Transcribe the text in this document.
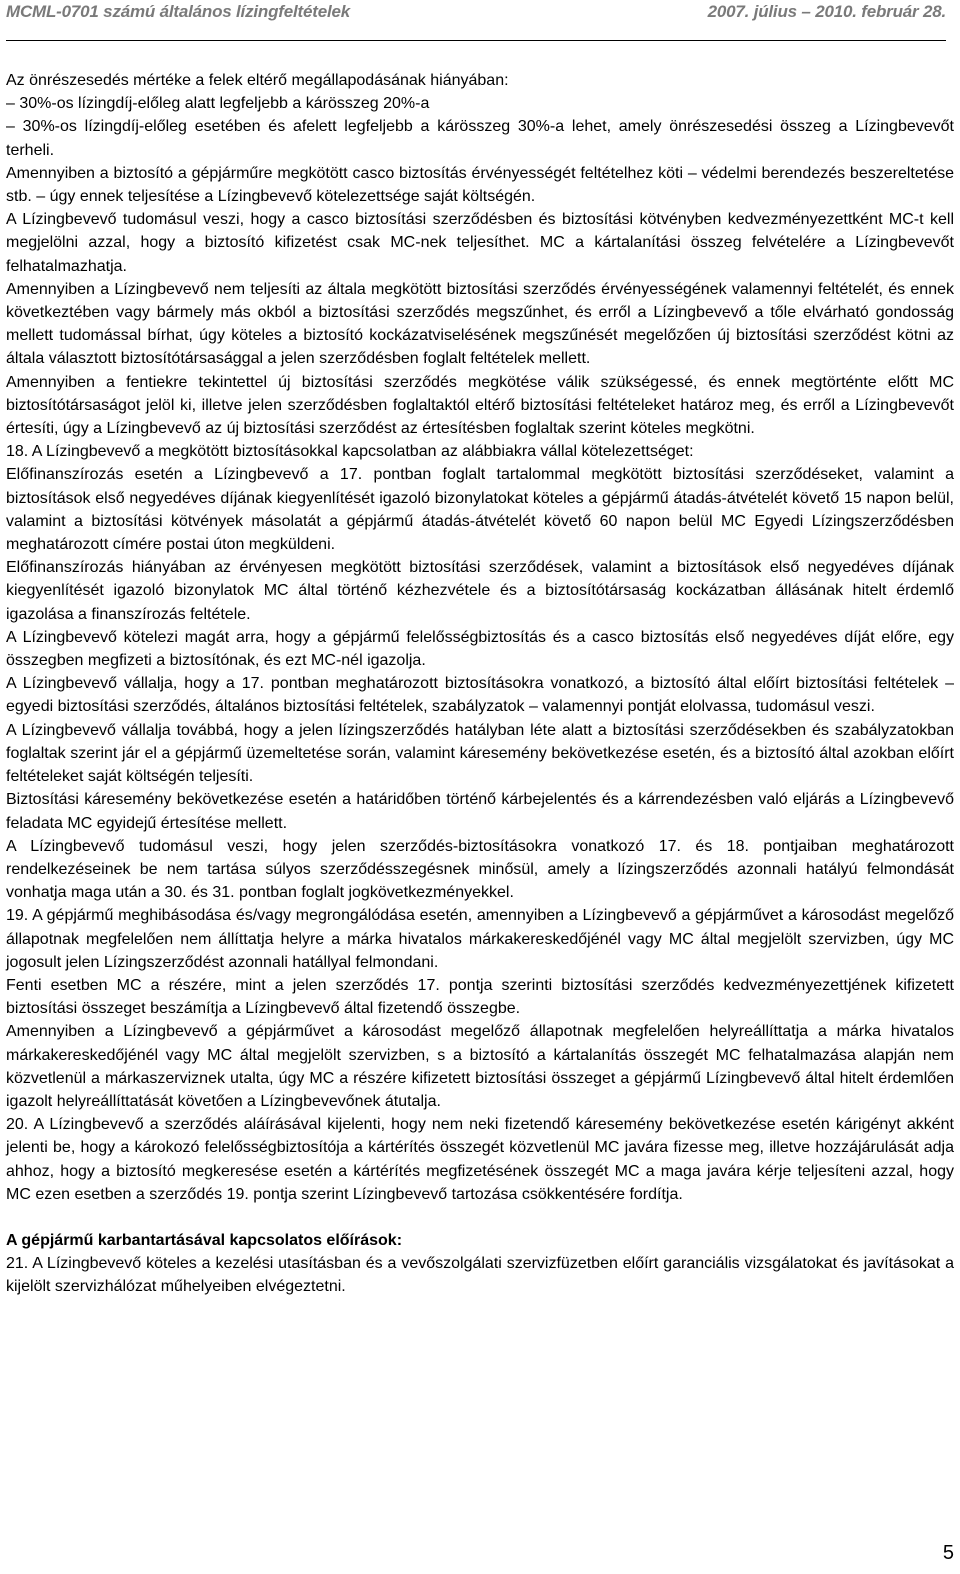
MCML-0701 számú általános lízingfeltételek	2007. július – 2010. február 28.

Az önrészesedés mértéke a felek eltérő megállapodásának hiányában:

– 30%-os lízingdíj-előleg alatt legfeljebb a kárösszeg 20%-a

– 30%-os lízingdíj-előleg esetében és afelett legfeljebb a kárösszeg 30%-a lehet, amely önrészesedési összeg a Lízingbevevőt terheli.

Amennyiben a biztosító a gépjárműre megkötött casco biztosítás érvényességét feltételhez köti – védelmi berendezés beszereltetése stb. – úgy ennek teljesítése a Lízingbevevő kötelezettsége saját költségén.

A Lízingbevevő tudomásul veszi, hogy a casco biztosítási szerződésben és biztosítási kötvényben kedvezményezettként MC-t kell megjelölni azzal, hogy a biztosító kifizetést csak MC-nek teljesíthet. MC a kártalanítási összeg felvételére a Lízingbevevőt felhatalmazhatja.

Amennyiben a Lízingbevevő nem teljesíti az általa megkötött biztosítási szerződés érvényességének valamennyi feltételét, és ennek következtében vagy bármely más okból a biztosítási szerződés megszűnhet, és erről a Lízingbevevő a tőle elvárható gondosság mellett tudomással bírhat, úgy köteles a biztosító kockázatviselésének megszűnését megelőzően új biztosítási szerződést kötni az általa választott biztosítótársasággal a jelen szerződésben foglalt feltételek mellett.

Amennyiben a fentiekre tekintettel új biztosítási szerződés megkötése válik szükségessé, és ennek megtörténte előtt MC biztosítótársaságot jelöl ki, illetve jelen szerződésben foglaltaktól eltérő biztosítási feltételeket határoz meg, és erről a Lízingbevevőt értesíti, úgy a Lízingbevevő az új biztosítási szerződést az értesítésben foglaltak szerint köteles megkötni.

18. A Lízingbevevő a megkötött biztosításokkal kapcsolatban az alábbiakra vállal kötelezettséget:

Előfinanszírozás esetén a Lízingbevevő a 17. pontban foglalt tartalommal megkötött biztosítási szerződéseket, valamint a biztosítások első negyedéves díjának kiegyenlítését igazoló bizonylatokat köteles a gépjármű átadás-átvételét követő 15 napon belül, valamint a biztosítási kötvények másolatát a gépjármű átadás-átvételét követő 60 napon belül MC Egyedi Lízingszerződésben meghatározott címére postai úton megküldeni.

Előfinanszírozás hiányában az érvényesen megkötött biztosítási szerződések, valamint a biztosítások első negyedéves díjának kiegyenlítését igazoló bizonylatok MC által történő kézhezvétele és a biztosítótársaság kockázatban állásának hitelt érdemlő igazolása a finanszírozás feltétele.

A Lízingbevevő kötelezi magát arra, hogy a gépjármű felelősségbiztosítás és a casco biztosítás első negyedéves díját előre, egy összegben megfizeti a biztosítónak, és ezt MC-nél igazolja.

A Lízingbevevő vállalja, hogy a 17. pontban meghatározott biztosításokra vonatkozó, a biztosító által előírt biztosítási feltételek – egyedi biztosítási szerződés, általános biztosítási feltételek, szabályzatok – valamennyi pontját elolvassa, tudomásul veszi.

A Lízingbevevő vállalja továbbá, hogy a jelen lízingszerződés hatályban léte alatt a biztosítási szerződésekben és szabályzatokban foglaltak szerint jár el a gépjármű üzemeltetése során, valamint káresemény bekövetkezése esetén, és a biztosító által azokban előírt feltételeket saját költségén teljesíti.

Biztosítási káresemény bekövetkezése esetén a határidőben történő kárbejelentés és a kárrendezésben való eljárás a Lízingbevevő feladata MC egyidejű értesítése mellett.

A Lízingbevevő tudomásul veszi, hogy jelen szerződés-biztosításokra vonatkozó 17. és 18. pontjaiban meghatározott rendelkezéseinek be nem tartása súlyos szerződésszegésnek minősül, amely a lízingszerződés azonnali hatályú felmondását vonhatja maga után a 30. és 31. pontban foglalt jogkövetkezményekkel.

19. A gépjármű meghibásodása és/vagy megrongálódása esetén, amennyiben a Lízingbevevő a gépjárművet a károsodást megelőző állapotnak megfelelően nem állíttatja helyre a márka hivatalos márkakereskedőjénél vagy MC által megjelölt szervizben, úgy MC jogosult jelen Lízingszerződést azonnali hatállyal felmondani.

Fenti esetben MC a részére, mint a jelen szerződés 17. pontja szerinti biztosítási szerződés kedvezményezettjének kifizetett biztosítási összeget beszámítja a Lízingbevevő által fizetendő összegbe.

Amennyiben a Lízingbevevő a gépjárművet a károsodást megelőző állapotnak megfelelően helyreállíttatja a márka hivatalos márkakereskedőjénél vagy MC által megjelölt szervizben, s a biztosító a kártalanítás összegét MC felhatalmazása alapján nem közvetlenül a márkaszerviznek utalta, úgy MC a részére kifizetett biztosítási összeget a gépjármű Lízingbevevő által hitelt érdemlően igazolt helyreállíttatását követően a Lízingbevevőnek átutalja.

20. A Lízingbevevő a szerződés aláírásával kijelenti, hogy nem neki fizetendő káresemény bekövetkezése esetén kárigényt akként jelenti be, hogy a károkozó felelősségbiztosítója a kártérítés összegét közvetlenül MC javára fizesse meg, illetve hozzájárulását adja ahhoz, hogy a biztosító megkeresése esetén a kártérítés megfizetésének összegét MC a maga javára kérje teljesíteni azzal, hogy MC ezen esetben a szerződés 19. pontja szerint Lízingbevevő tartozása csökkentésére fordítja.

A gépjármű karbantartásával kapcsolatos előírások:

21. A Lízingbevevő köteles a kezelési utasításban és a vevőszolgálati szervizfüzetben előírt garanciális vizsgálatokat és javításokat a kijelölt szervizhálózat műhelyeiben elvégeztetni.

5
